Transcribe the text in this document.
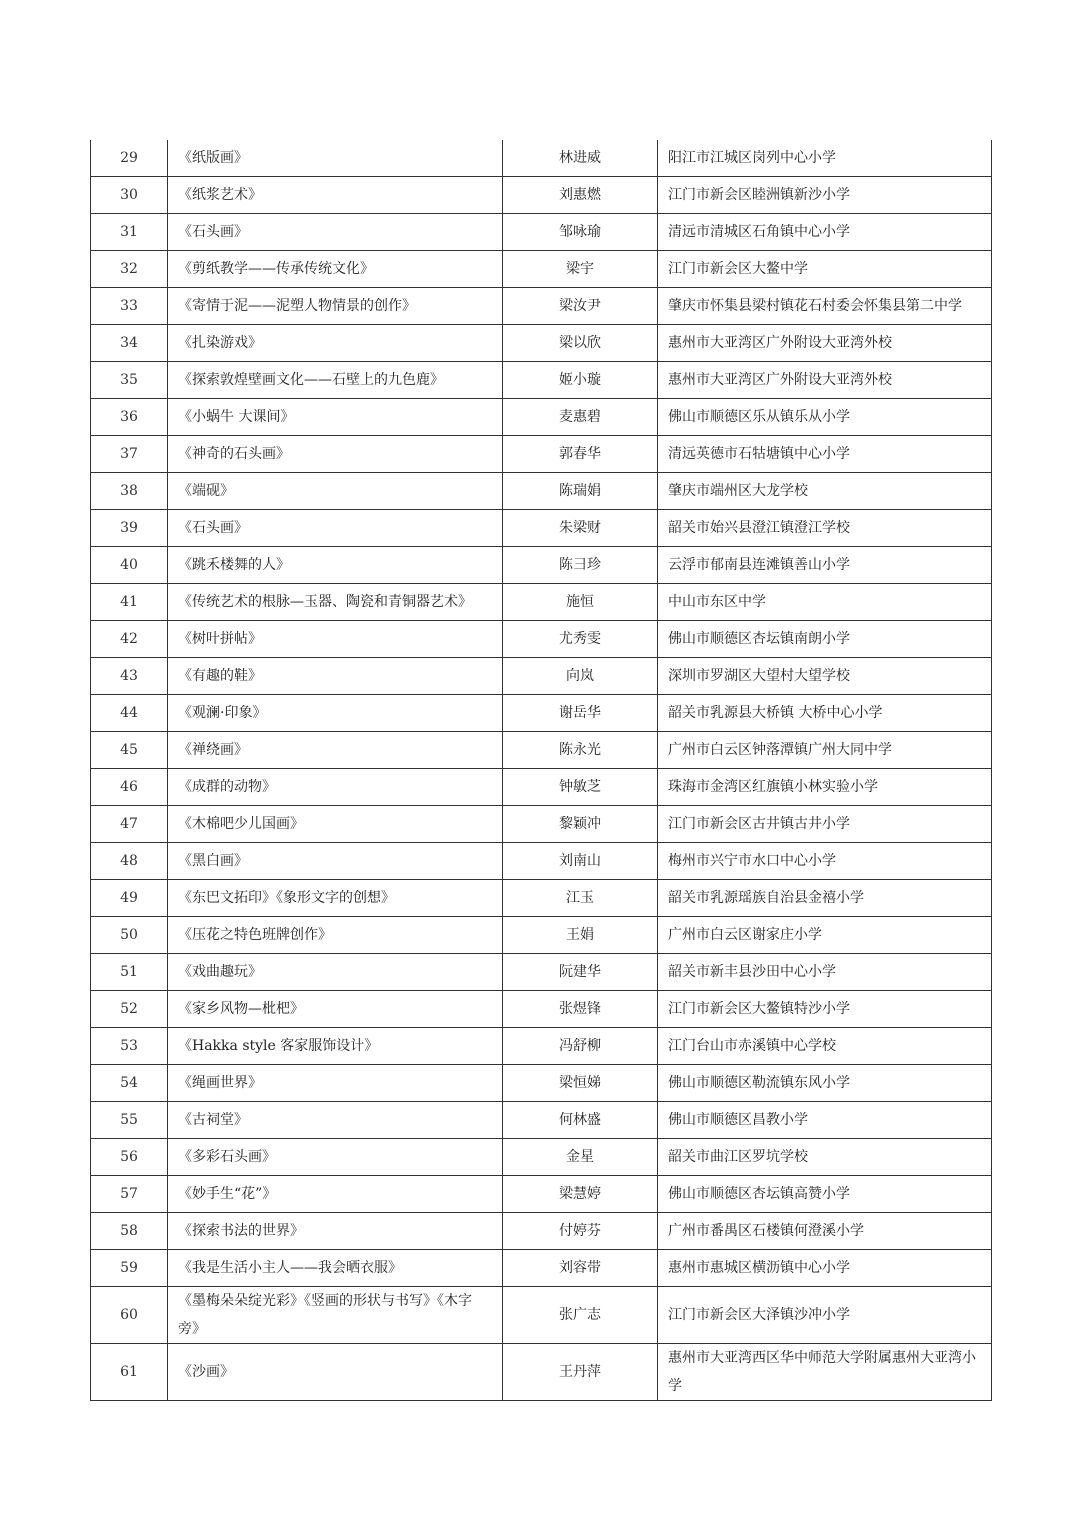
29	《纸版画》	林进威	阳江市江城区岗列中心小学
30	《纸浆艺术》	刘惠燃	江门市新会区睦洲镇新沙小学
31	《石头画》	邹咏瑜	清远市清城区石角镇中心小学
32	《剪纸教学——传承传统文化》	梁宇	江门市新会区大鳌中学
33	《寄情于泥——泥塑人物情景的创作》	梁汝尹	肇庆市怀集县梁村镇花石村委会怀集县第二中学
34	《扎染游戏》	梁以欣	惠州市大亚湾区广外附设大亚湾外校
35	《探索敦煌壁画文化——石壁上的九色鹿》	姬小璇	惠州市大亚湾区广外附设大亚湾外校
36	《小蜗牛 大课间》	麦惠碧	佛山市顺德区乐从镇乐从小学
37	《神奇的石头画》	郭春华	清远英德市石牯塘镇中心小学
38	《端砚》	陈瑞娟	肇庆市端州区大龙学校
39	《石头画》	朱梁财	韶关市始兴县澄江镇澄江学校
40	《跳禾楼舞的人》	陈彐珍	云浮市郁南县连滩镇善山小学
41	《传统艺术的根脉—玉器、陶瓷和青铜器艺术》	施恒	中山市东区中学
42	《树叶拼帖》	尤秀雯	佛山市顺德区杏坛镇南朗小学
43	《有趣的鞋》	向岚	深圳市罗湖区大望村大望学校
44	《观澜·印象》	谢岳华	韶关市乳源县大桥镇 大桥中心小学
45	《禅绕画》	陈永光	广州市白云区钟落潭镇广州大同中学
46	《成群的动物》	钟敏芝	珠海市金湾区红旗镇小林实验小学
47	《木棉吧少儿国画》	黎颖冲	江门市新会区古井镇古井小学
48	《黑白画》	刘南山	梅州市兴宁市水口中心小学
49	《东巴文拓印》《象形文字的创想》	江玉	韶关市乳源瑶族自治县金禧小学
50	《压花之特色班牌创作》	王娟	广州市白云区谢家庄小学
51	《戏曲趣玩》	阮建华	韶关市新丰县沙田中心小学
52	《家乡风物—枇杷》	张煜锋	江门市新会区大鳌镇特沙小学
53	《Hakka style 客家服饰设计》	冯舒柳	江门台山市赤溪镇中心学校
54	《绳画世界》	梁恒娣	佛山市顺德区勒流镇东风小学
55	《古祠堂》	何林盛	佛山市顺德区昌教小学
56	《多彩石头画》	金星	韶关市曲江区罗坑学校
57	《妙手生“花”》	梁慧婷	佛山市顺德区杏坛镇高赞小学
58	《探索书法的世界》	付婷芬	广州市番禺区石楼镇何澄溪小学
59	《我是生活小主人——我会晒衣服》	刘容带	惠州市惠城区横沥镇中心小学
60	《墨梅朵朵绽光彩》《竖画的形状与书写》《木字旁》	张广志	江门市新会区大泽镇沙冲小学
61	《沙画》	王丹萍	惠州市大亚湾西区华中师范大学附属惠州大亚湾小学
